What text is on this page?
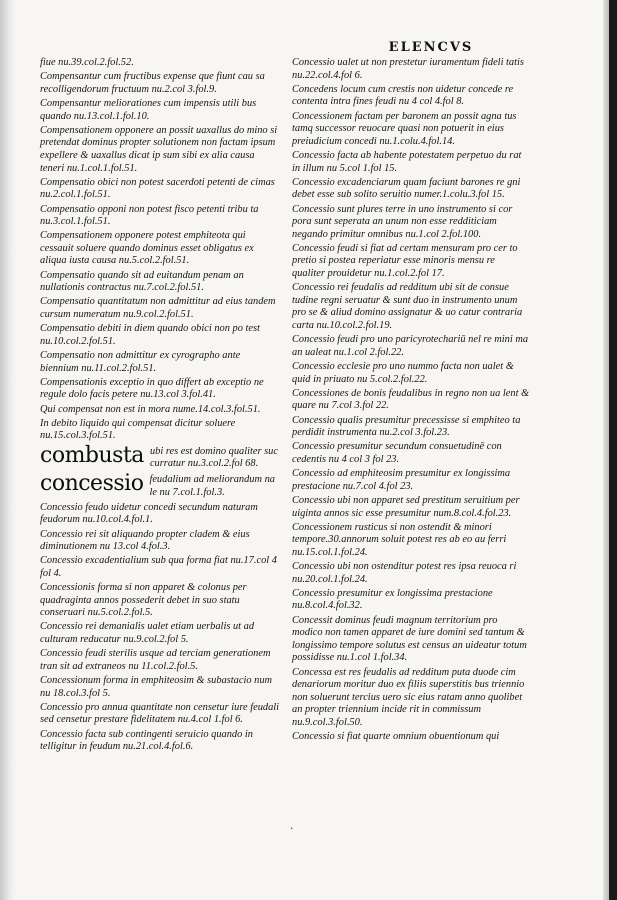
ELENCVS
fiue nu.39.col.2.fol.52.
Compensantur cum fructibus expense que fiunt cau sa recolligendorum fructuum nu.2.col 3.fol.9.
Compensantur meliorationes cum impensis utili bus quando nu.13.col.1.fol.10.
Compensationem opponere an possit uaxallus do mino si pretendat dominus propter solutionem non factam ipsum expellere & uaxallus dicat ip sum sibi ex alia causa teneri nu.1.col.1.fol.51.
Compensatio obici non potest sacerdoti petenti de cimas nu.2.col.1.fol.51.
Compensatio opponi non potest fisco petenti tribu ta nu.3.col.1.fol.51.
Compensationem opponere potest emphiteota qui cessauit soluere quando dominus esset obligatus ex aliqua iusta causa nu.5.col.2.fol.51.
Compensatio quando sit ad euitandum penam an nullationis contractus nu.7.col.2.fol.51.
Compensatio quantitatum non admittitur ad eius tandem cursum numeratum nu.9.col.2.fol.51.
Compensatio debiti in diem quando obici non po test nu.10.col.2.fol.51.
Compensatio non admittitur ex cyrographo ante biennium nu.11.col.2.fol.51.
Compensationis exceptio in quo differt ab exceptio ne regule dolo facis petere nu.13.col 3.fol.41.
Qui compensat non est in mora nume.14.col.3.fol.51.
In debito liquido qui compensat dicitur soluere nu.15.col.3.fol.51.
combusta ubi res est domino qualiter suc curratur nu.3.col.2.fol 68.
concessio feudalium ad meliorandum na le nu 7.col.1.fol.3.
Concessio feudo uidetur concedi secundum naturam feudorum nu.10.col.4.fol.1.
Concessio rei sit aliquando propter cladem & eius diminutionem nu 13.col 4.fol.3.
Concessio excadentialium sub qua forma fiat nu.17.col 4 fol 4.
Concessionis forma si non apparet & colonus per quadraginta annos possederit debet in suo statu conseruari nu.5.col.2.fol.5.
Concessio rei demanialis ualet etiam uerbalis ut ad culturam reducatur nu.9.col.2.fol 5.
Concessio feudi sterilis usque ad terciam generationem tran sit ad extraneos nu 11.col.2.fol.5.
Concessionum forma in emphiteosim & subastacio num nu 18.col.3.fol 5.
Concessio pro annua quantitate non censetur iure feudali sed censetur prestare fidelitatem nu.4.col 1.fol 6.
Concessio facta sub contingenti seruicio quando in telligitur in feudum nu.21.col.4.fol.6.
Concessio ualet ut non prestetur iuramentum fideli tatis nu.22.col.4.fol 6.
Concedens locum cum crestis non uidetur concede re contenta intra fines feudi nu 4 col 4.fol 8.
Concessionem factam per baronem an possit agna tus tamq successor reuocare quasi non potuerit in eius preiudicium concedi nu.1.colu.4.fol.14.
Concessio facta ab habente potestatem perpetuo du rat in illum nu 5.col 1.fol 15.
Concessio excadenciarum quam faciunt barones re gni debet esse sub solito seruitio numer.1.colu.3.fol 15.
Concessio sunt plures terre in uno instrumento si cor pora sunt seperata an unum non esse redditiciam negando primitur omnibus nu.1.col 2.fol.100.
Concessio feudi si fiat ad certam mensuram pro cer to pretio si postea reperiatur esse minoris mensu re qualiter prouidetur nu.1.col.2.fol 17.
Concessio rei feudalis ad redditum ubi sit de consue tudine regni seruatur & sunt duo in instrumento unum pro se & aliud domino assignatur & uo catur contraria carta nu.10.col.2.fol.19.
Concessio feudi pro uno paricyrotechariū nel re mini ma an ualeat nu.1.col 2.fol.22.
Concessio ecclesie pro uno nummo facta non ualet & quid in priuato nu 5.col.2.fol.22.
Concessiones de bonis feudalibus in regno non ua lent & quare nu 7.col 3.fol 22.
Concessio qualis presumitur precessisse si emphiteo ta perdidit instrumenta nu.2.col 3.fol.23.
Concessio presumitur secundum consuetudinē con cedentis nu 4 col 3 fol 23.
Concessio ad emphiteosim presumitur ex longissima prestacione nu.7.col 4.fol 23.
Concessio ubi non apparet sed prestitum seruitium per uiginta annos sic esse presumitur num.8.col.4.fol.23.
Concessionem rusticus si non ostendit & minori tempore.30.annorum soluit potest res ab eo au ferri nu.15.col.1.fol.24.
Concessio ubi non ostenditur potest res ipsa reuoca ri nu.20.col.1.fol.24.
Concessio presumitur ex longissima prestacione nu.8.col.4.fol.32.
Concessit dominus feudi magnum territorium pro modico non tamen apparet de iure domini sed tantum & longissimo tempore solutus est census an uideatur totum possidisse nu.1.col 1.fol.34.
Concessa est res feudalis ad redditum puta duode cim denariorum moritur duo ex filiis superstitis bus triennio non soluerunt tercius uero sic eius ratam anno quolibet an propter triennium incide rit in commissum nu.9.col.3.fol.50.
Concessio si fiat quarte omnium obuentionum qui
·
